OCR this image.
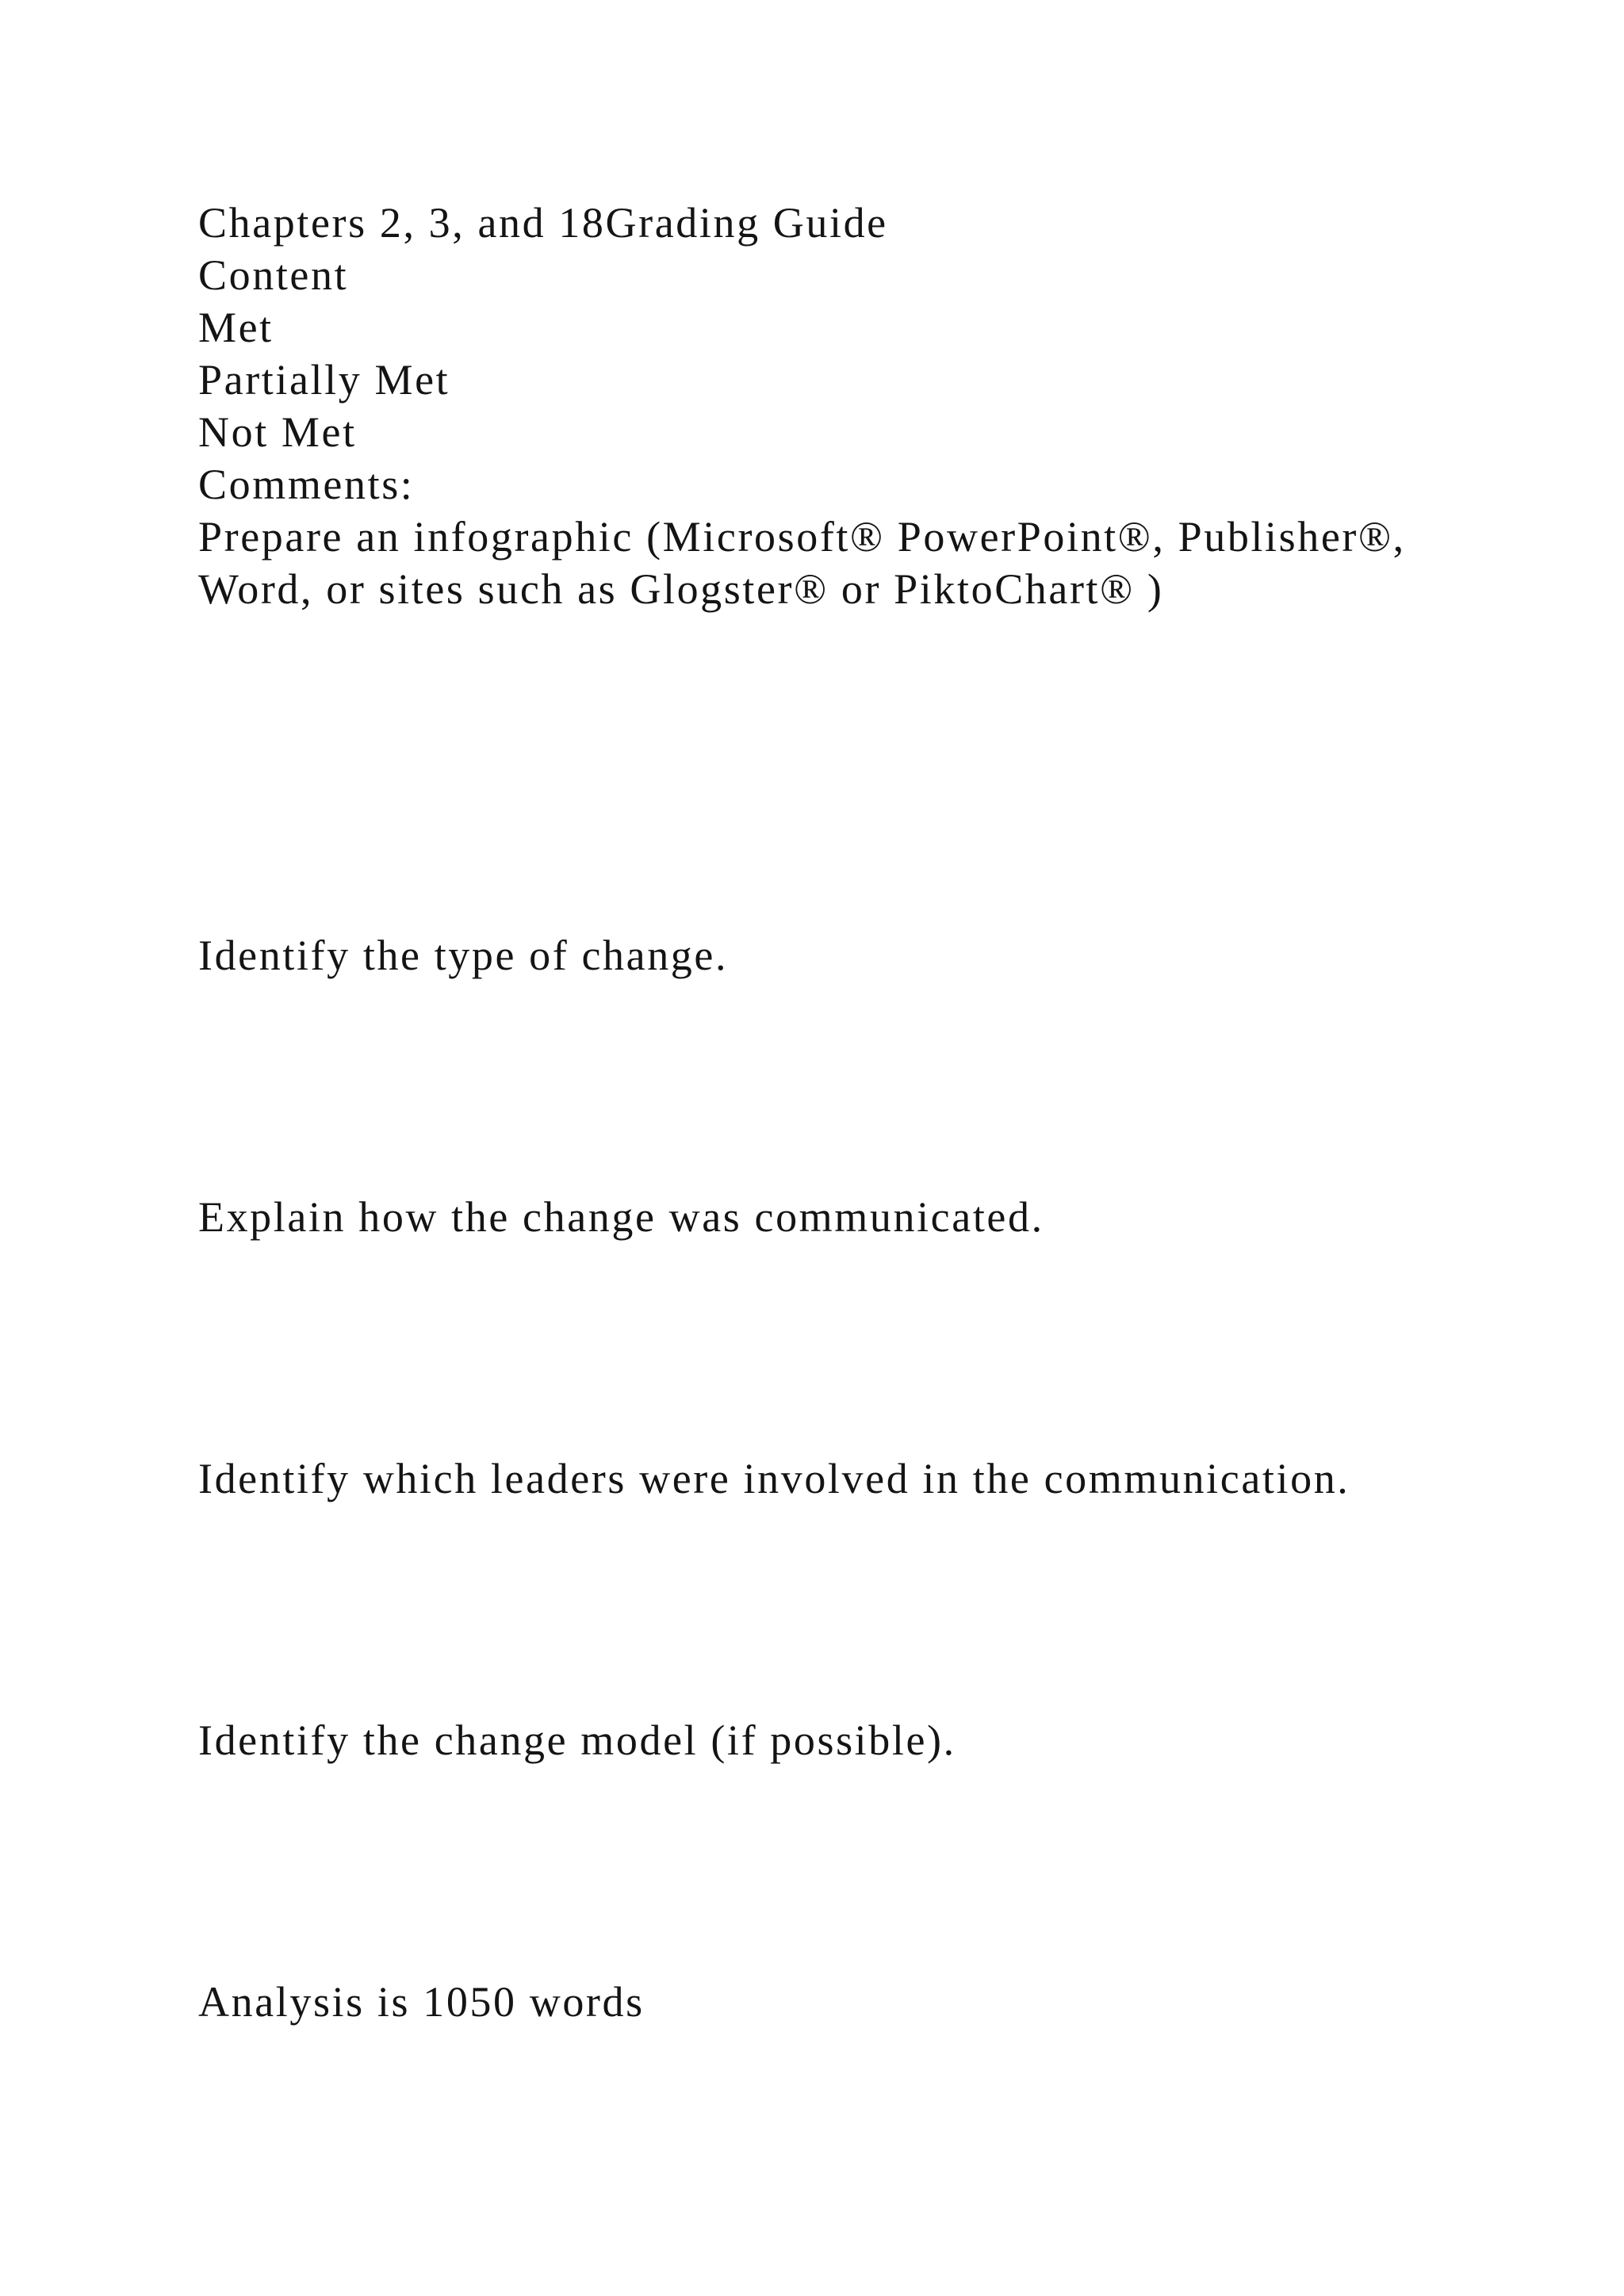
Chapters 2, 3, and 18Grading Guide

Content

Met

Partially Met

Not Met

Comments:

Prepare an infographic (Microsoft® PowerPoint®, Publisher®,

Word, or sites such as Glogster® or PiktoChart® )

Identify the type of change.

Explain how the change was communicated.

Identify which leaders were involved in the communication.

Identify the change model (if possible).

Analysis is 1050 words
